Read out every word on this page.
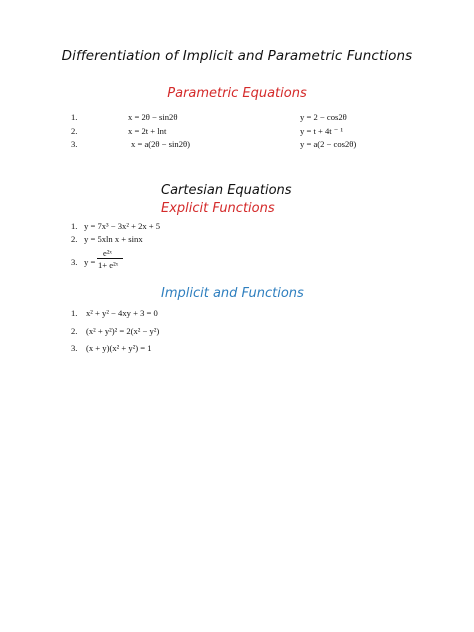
Differentiation of Implicit and Parametric Functions
Parametric Equations
1.	x = 2θ − sin2θ	y = 2 − cos2θ
2.	x = 2t + lnt	y = t + 4t ⁻ ¹
3.	x = a(2θ − sin2θ)	y = a(2 − cos2θ)
Cartesian Equations
Explicit Functions
1. y = 7x³ − 3x² + 2x + 5
2. y = 5xln x + sinx
3. y =
e²ˣ
1+ e²ˣ
Implicit and Functions
1. x² + y² − 4xy + 3 = 0
2. (x² + y²)² = 2(x² − y²)
3. (x + y)(x² + y²) = 1
